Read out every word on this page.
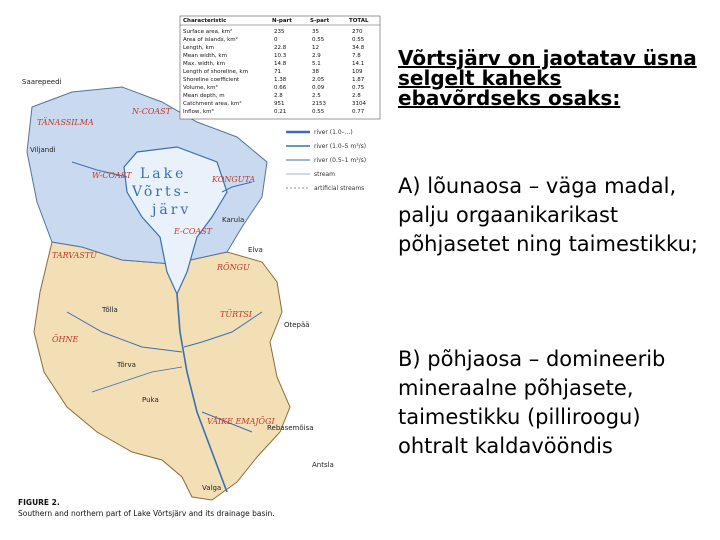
Lake
Võrts-
järv
TÄNASSILMA
N-COAST
W-COAST	KONGUTA
E-COAST
TARVASTU
RÕNGU
TÜRTSI
ÕHNE
VÄIKE EMAJÕGI
Saarepeedi
Viljandi
Karula
Elva
Otepää
Tõrva
Tõlla
Rebasemõisa
Antsla
Valga
Puka
Characteristic	N-part	S-part	TOTAL
Surface area, km²	235	35	270
Area of islands, km²	0	0.55	0.55
Length, km	22.8	12	34.8
Mean width, km	10.3	2.9	7.8
Max. width, km	14.8	5.1	14.1
Length of shoreline, km	71	38	109
Shoreline coefficient	1.38	2.05	1.87
Volume, km³	0.66	0.09	0.75
Mean depth, m	2.8	2.5	2.8
Catchment area, km²	951	2153	3104
Inflow, km³	0.21	0.55	0.77
river (1.0–...)
river (1.0–5 m³/s)
river (0.5–1 m³/s)
stream
artificial streams
FIGURE 2.
Southern and northern part of Lake Võrtsjärv and its drainage basin.
Võrtsjärv on jaotatav üsna selgelt kaheks ebavõrdseks osaks:
A) lõunaosa – väga madal, palju orgaanikarikast põhjasetet ning taimestikku;
B) põhjaosa – domineerib mineraalne põhjasete, taimestikku (pilliroogu) ohtralt kaldavööndis
